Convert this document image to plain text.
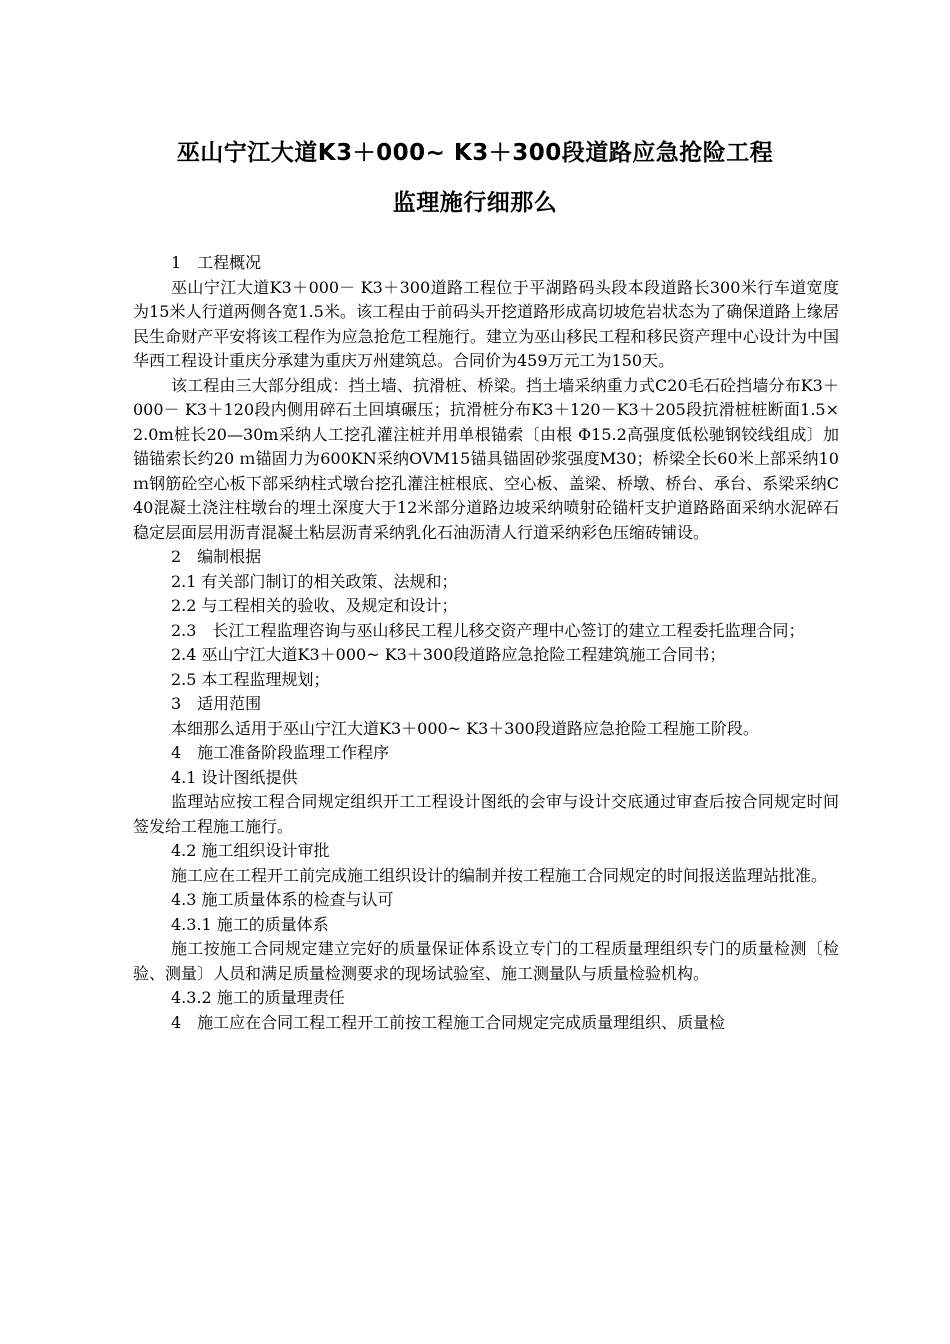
巫山宁江大道K3＋000~ K3＋300段道路应急抢险工程
监理施行细那么
1　工程概况

巫山宁江大道K3＋000－ K3＋300道路工程位于平湖路码头段本段道路长300米行车道宽度为15米人行道两侧各宽1.5米。该工程由于前码头开挖道路形成高切坡危岩状态为了确保道路上缘居民生命财产平安将该工程作为应急抢危工程施行。建立为巫山移民工程和移民资产理中心设计为中国华西工程设计重庆分承建为重庆万州建筑总。合同价为459万元工为150天。

该工程由三大部分组成：挡土墙、抗滑桩、桥梁。挡土墙采纳重力式C20毛石砼挡墙分布K3＋000－ K3＋120段内侧用碎石土回填碾压；抗滑桩分布K3＋120－K3＋205段抗滑桩桩断面1.5×2.0m桩长20—30m采纳人工挖孔灌注桩并用单根锚索〔由根 Φ15.2高强度低松驰钢铰线组成〕加锚锚索长约20 ｍ锚固力为600KN采纳OVM15锚具锚固砂浆强度M30；桥梁全长60米上部采纳10 ｍ钢筋砼空心板下部采纳柱式墩台挖孔灌注桩根底、空心板、盖梁、桥墩、桥台、承台、系梁采纳C40混凝土浇注柱墩台的埋土深度大于12米部分道路边坡采纳喷射砼锚杆支护道路路面采纳水泥碎石稳定层面层用沥青混凝土粘层沥青采纳乳化石油沥清人行道采纳彩色压缩砖铺设。

2　编制根据
2.1 有关部门制订的相关政策、法规和；
2.2 与工程相关的验收、及规定和设计；

2.3　长江工程监理咨询与巫山移民工程儿移交资产理中心签订的建立工程委托监理合同；

2.4 巫山宁江大道K3＋000~ K3＋300段道路应急抢险工程建筑施工合同书；
2.5 本工程监理规划；
3　适用范围

本细那么适用于巫山宁江大道K3＋000~ K3＋300段道路应急抢险工程施工阶段。

4　施工准备阶段监理工作程序
4.1 设计图纸提供

监理站应按工程合同规定组织开工工程设计图纸的会审与设计交底通过审查后按合同规定时间签发给工程施工施行。

4.2 施工组织设计审批

施工应在工程开工前完成施工组织设计的编制并按工程施工合同规定的时间报送监理站批准。

4.3 施工质量体系的检查与认可
4.3.1 施工的质量体系

施工按施工合同规定建立完好的质量保证体系设立专门的工程质量理组织专门的质量检测〔检验、测量〕人员和满足质量检测要求的现场试验室、施工测量队与质量检验机构。

4.3.2 施工的质量理责任

4　施工应在合同工程工程开工前按工程施工合同规定完成质量理组织、质量检
